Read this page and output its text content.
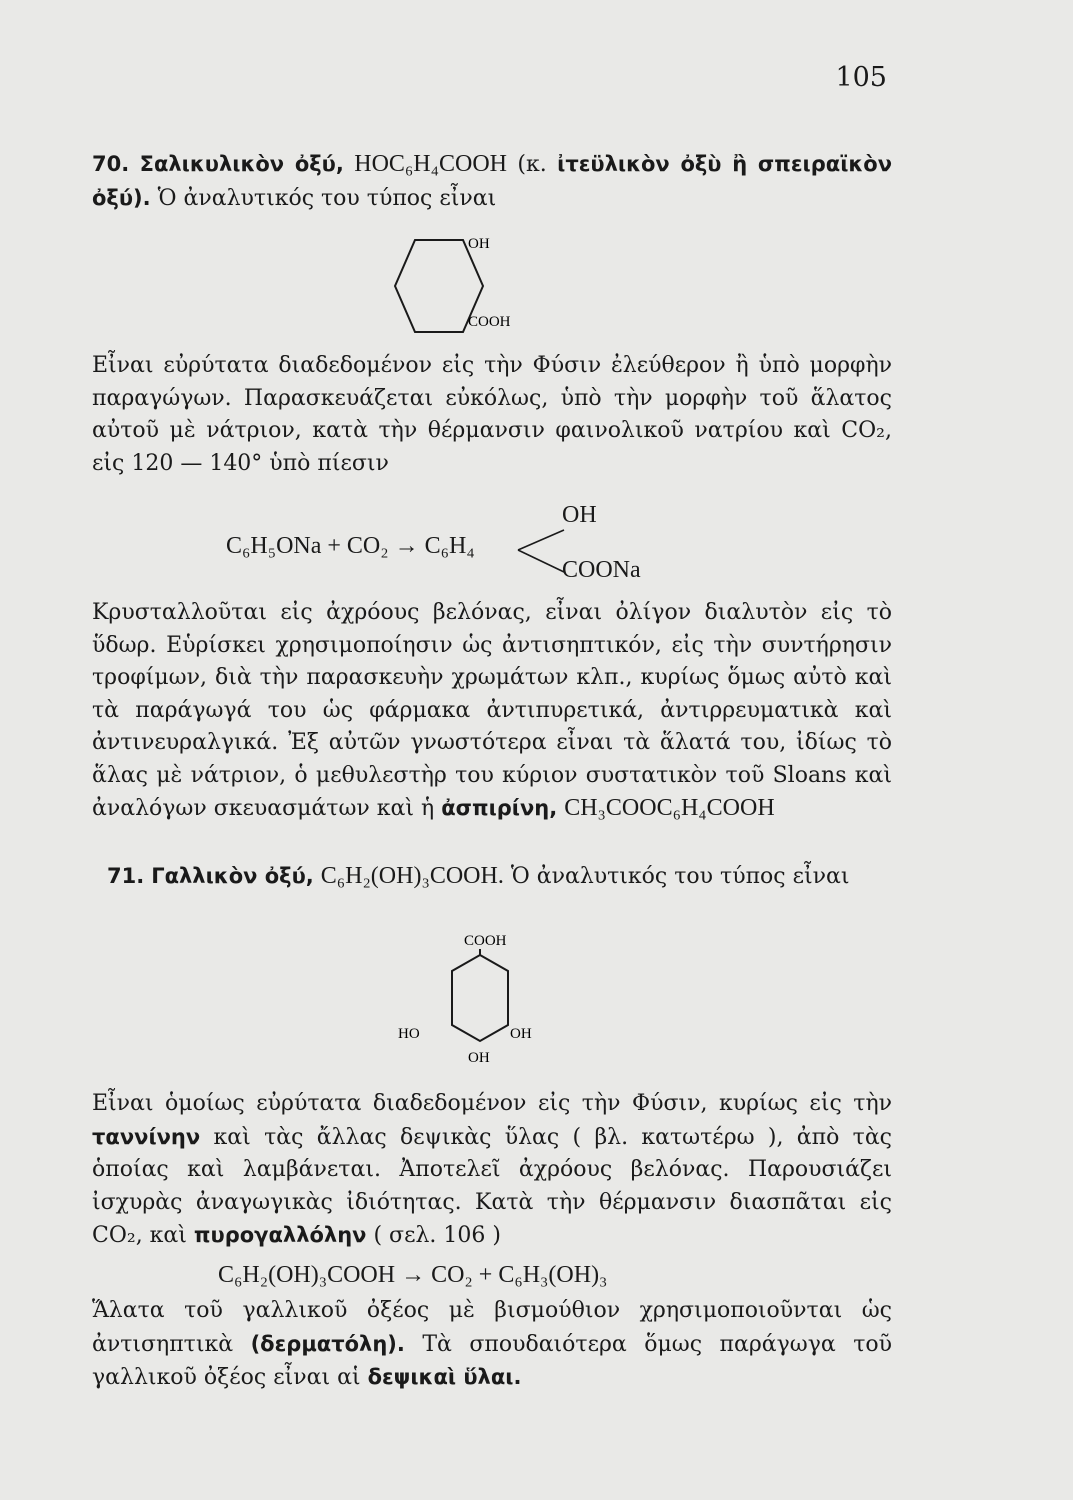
105

70. Σαλικυλικὸν ὀξύ, HOC₆H₄COOH (κ. ἰτεϋλικὸν ὀξὺ ἢ σπειραϊκὸν ὀξύ). Ὁ ἀναλυτικός του τύπος εἶναι

OH
COOH

Εἶναι εὐρύτατα διαδεδομένον εἰς τὴν Φύσιν ἐλεύθερον ἢ ὑπὸ μορφὴν παραγώγων. Παρασκευάζεται εὐκόλως, ὑπὸ τὴν μορφὴν τοῦ ἅλατος αὐτοῦ μὲ νάτριον, κατὰ τὴν θέρμανσιν φαινολικοῦ νατρίου καὶ CO₂, εἰς 120 — 140° ὑπὸ πίεσιν

C₆H₅ONa + CO₂ → C₆H₄
OH
COONa

Κρυσταλλοῦται εἰς ἀχρόους βελόνας, εἶναι ὀλίγον διαλυτὸν εἰς τὸ ὕδωρ. Εὑρίσκει χρησιμοποίησιν ὡς ἀντισηπτικόν, εἰς τὴν συντήρησιν τροφίμων, διὰ τὴν παρασκευὴν χρωμάτων κλπ., κυρίως ὅμως αὐτὸ καὶ τὰ παράγωγά του ὡς φάρμακα ἀντιπυρετικά, ἀντιρρευματικὰ καὶ ἀντινευραλγικά. Ἐξ αὐτῶν γνωστότερα εἶναι τὰ ἅλατά του, ἰδίως τὸ ἅλας μὲ νάτριον, ὁ μεθυλεστὴρ του κύριον συστατικὸν τοῦ Sloans καὶ ἀναλόγων σκευασμάτων καὶ ἡ ἀσπιρίνη, CH₃COOC₆H₄COOH

71. Γαλλικὸν ὀξύ, C₆H₂(OH)₃COOH. Ὁ ἀναλυτικός του τύπος εἶναι

COOH
HO	OH
OH

Εἶναι ὁμοίως εὐρύτατα διαδεδομένον εἰς τὴν Φύσιν, κυρίως εἰς τὴν ταννίνην καὶ τὰς ἄλλας δεψικὰς ὕλας ( βλ. κατωτέρω ), ἀπὸ τὰς ὁποίας καὶ λαμβάνεται. Ἀποτελεῖ ἀχρόους βελόνας. Παρουσιάζει ἰσχυρὰς ἀναγωγικὰς ἰδιότητας. Κατὰ τὴν θέρμανσιν διασπᾶται εἰς CO₂, καὶ πυρογαλλόλην ( σελ. 106 )

C₆H₂(OH)₃COOH → CO₂ + C₆H₃(OH)₃

Ἅλατα τοῦ γαλλικοῦ ὀξέος μὲ βισμούθιον χρησιμοποιοῦνται ὡς ἀντισηπτικὰ (δερματόλη). Τὰ σπουδαιότερα ὅμως παράγωγα τοῦ γαλλικοῦ ὀξέος εἶναι αἱ δεψικαὶ ὕλαι.
